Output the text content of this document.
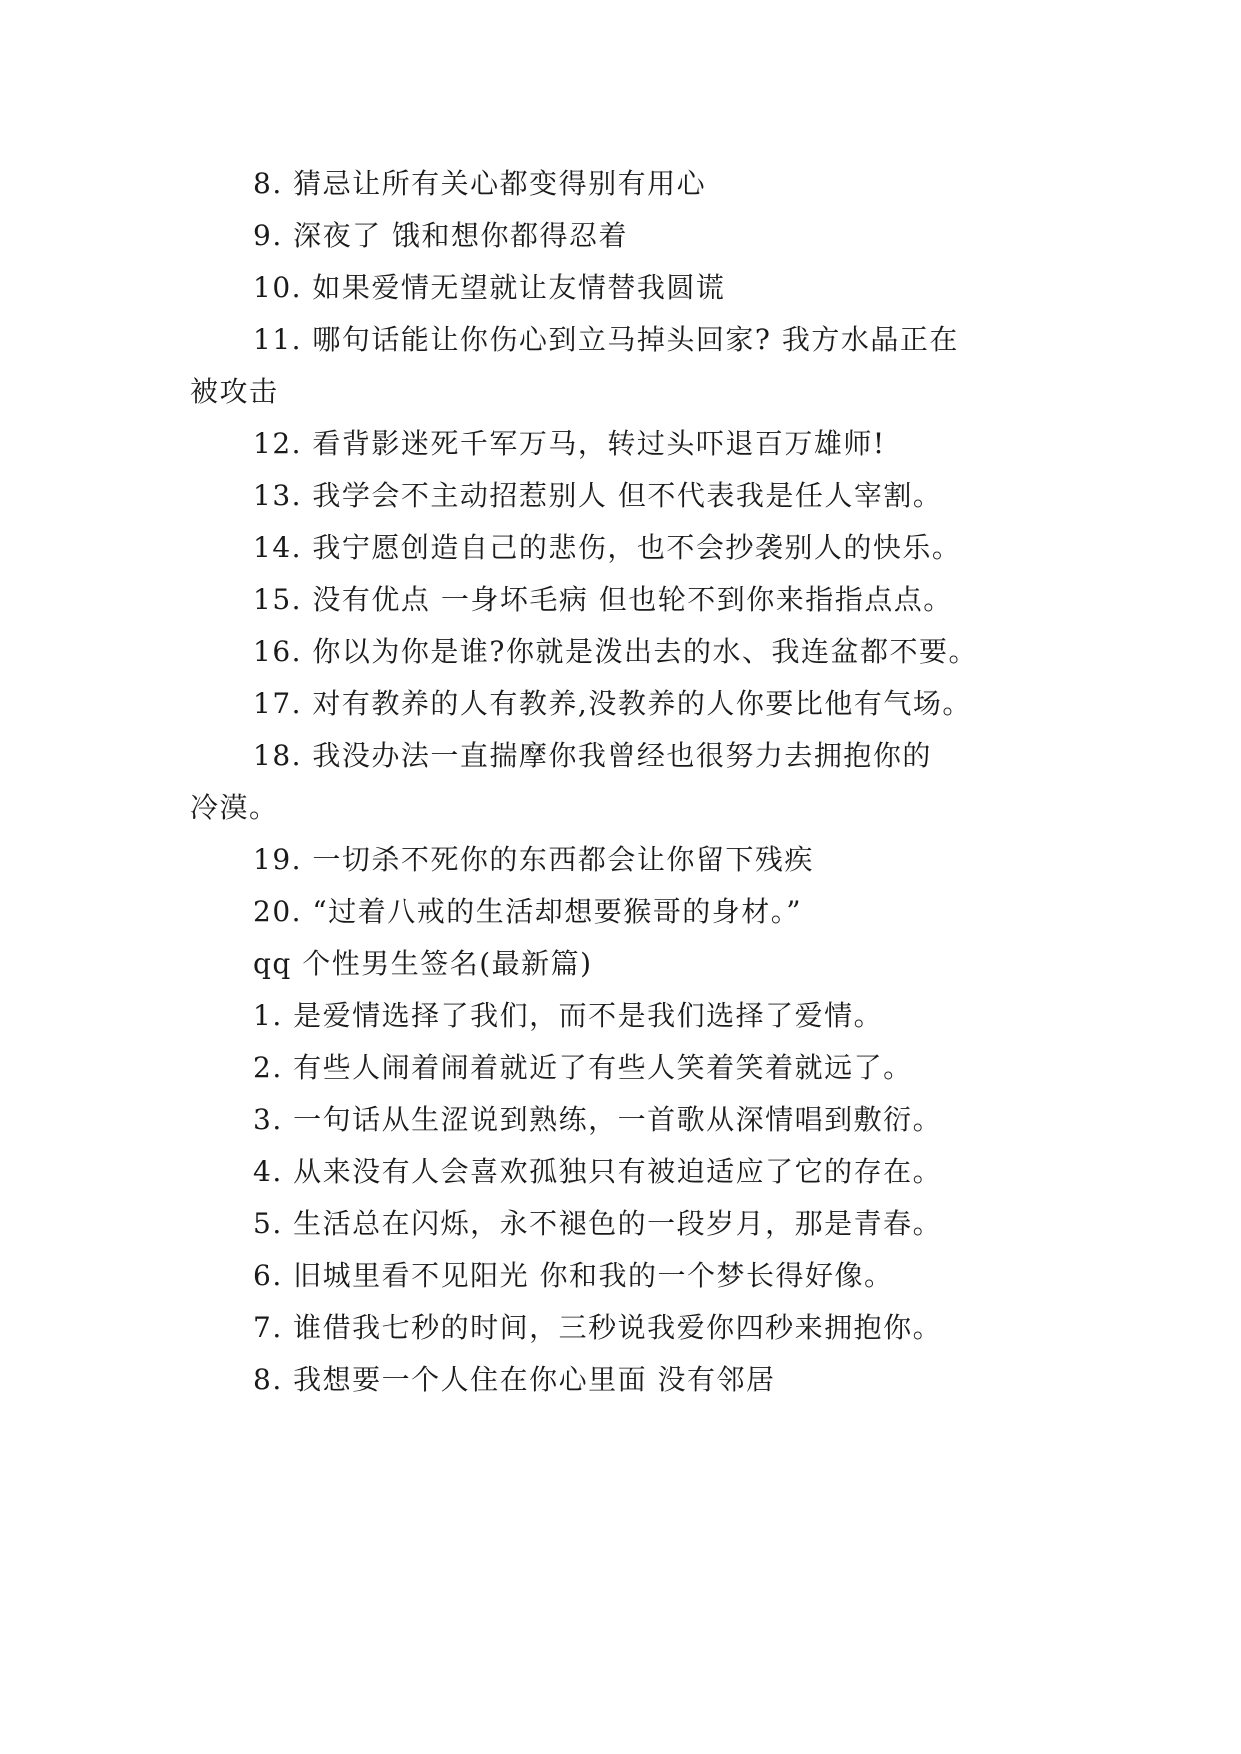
8. 猜忌让所有关心都变得别有用心
9. 深夜了 饿和想你都得忍着
10. 如果爱情无望就让友情替我圆谎
11. 哪句话能让你伤心到立马掉头回家? 我方水晶正在
被攻击
12. 看背影迷死千军万马，转过头吓退百万雄师!
13. 我学会不主动招惹别人 但不代表我是任人宰割。
14. 我宁愿创造自己的悲伤，也不会抄袭别人的快乐。
15. 没有优点 一身坏毛病 但也轮不到你来指指点点。
16. 你以为你是谁?你就是泼出去的水、我连盆都不要。
17. 对有教养的人有教养,没教养的人你要比他有气场。
18. 我没办法一直揣摩你我曾经也很努力去拥抱你的
冷漠。
19. 一切杀不死你的东西都会让你留下残疾
20. “过着八戒的生活却想要猴哥的身材。”
qq 个性男生签名(最新篇)
1. 是爱情选择了我们，而不是我们选择了爱情。
2. 有些人闹着闹着就近了有些人笑着笑着就远了。
3. 一句话从生涩说到熟练，一首歌从深情唱到敷衍。
4. 从来没有人会喜欢孤独只有被迫适应了它的存在。
5. 生活总在闪烁，永不褪色的一段岁月，那是青春。
6. 旧城里看不见阳光 你和我的一个梦长得好像。
7. 谁借我七秒的时间，三秒说我爱你四秒来拥抱你。
8. 我想要一个人住在你心里面 没有邻居
